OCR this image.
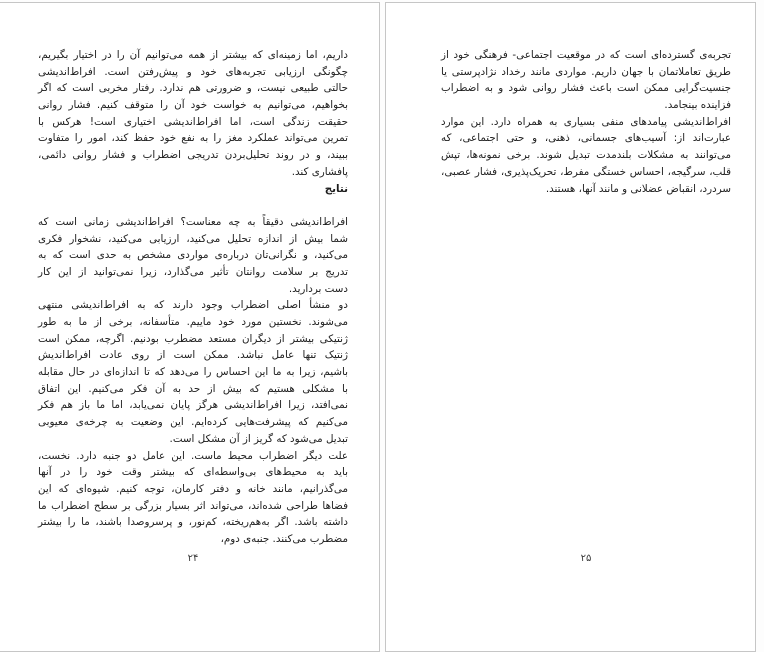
داریم، اما زمینه‌ای که بیشتر از همه می‌توانیم آن را در اختیار بگیریم،
چگونگی ارزیابی تجربه‌های خود و پیش‌رفتن است. افراط‌اندیشی
حالتی طبیعی نیست، و ضرورتی هم ندارد. رفتار مخربی است که اگر
بخواهیم، می‌توانیم به خواست خود آن را متوقف کنیم. فشار روانی
حقیقت زندگی است، اما افراط‌اندیشی اختیاری است! هرکس با
تمرین می‌تواند عملکرد مغز را به نفع خود حفظ کند، امور را متفاوت
ببیند، و در روند تحلیل‌بردن تدریجی اضطراب و فشار روانی دائمی،
پافشاری کند.
نتایج
افراط‌اندیشی دقیقاً به چه معناست؟ افراط‌اندیشی زمانی است که
شما بیش از اندازه تحلیل می‌کنید، ارزیابی می‌کنید، نشخوار فکری
می‌کنید، و نگرانی‌تان درباره‌ی مواردی مشخص به حدی است که به
تدریج بر سلامت روانتان تأثیر می‌گذارد، زیرا نمی‌توانید از این کار
دست بردارید.
دو منشأ اصلی اضطراب وجود دارند که به افراط‌اندیشی منتهی
می‌شوند. نخستین مورد خود ماییم. متأسفانه، برخی از ما به طور
ژنتیکی بیشتر از دیگران مستعد مضطرب بودنیم. اگرچه، ممکن است
ژنتیک تنها عامل نباشد. ممکن است از روی عادت افراط‌اندیش
باشیم، زیرا به ما این احساس را می‌دهد که تا اندازه‌ای در حال مقابله
با مشکلی هستیم که بیش از حد به آن فکر می‌کنیم. این اتفاق
نمی‌افتد، زیرا افراط‌اندیشی هرگز پایان نمی‌یابد، اما ما باز هم فکر
می‌کنیم که پیشرفت‌هایی کرده‌ایم. این وضعیت به چرخه‌ی معیوبی
تبدیل می‌شود که گریز از آن مشکل است.
علت دیگر اضطراب محیط ماست. این عامل دو جنبه دارد. نخست،
باید به محیط‌های بی‌واسطه‌ای که بیشتر وقت خود را در آنها
می‌گذرانیم، مانند خانه و دفتر کارمان، توجه کنیم. شیوه‌ای که این
فضاها طراحی شده‌اند، می‌تواند اثر بسیار بزرگی بر سطح اضطراب ما
داشته باشد. اگر به‌هم‌ریخته، کم‌نور، و پرسروصدا باشند، ما را بیشتر
مضطرب می‌کنند. جنبه‌ی دوم،
۲۴
تجربه‌ی گسترده‌ای است که در موقعیت اجتماعی- فرهنگی خود از
طریق تعاملاتمان با جهان داریم. مواردی مانند رخداد نژادپرستی یا
جنسیت‌گرایی ممکن است باعث فشار روانی شود و به اضطراب
فزاینده بینجامد.
افراط‌اندیشی پیامدهای منفی بسیاری به همراه دارد. این موارد
عبارت‌اند از: آسیب‌های جسمانی، ذهنی، و حتی اجتماعی، که
می‌توانند به مشکلات بلندمدت تبدیل شوند. برخی نمونه‌ها، تپش
قلب، سرگیجه، احساس خستگی مفرط، تحریک‌پذیری، فشار عصبی،
سردرد، انقباض عضلانی و مانند آنها، هستند.
۲۵
